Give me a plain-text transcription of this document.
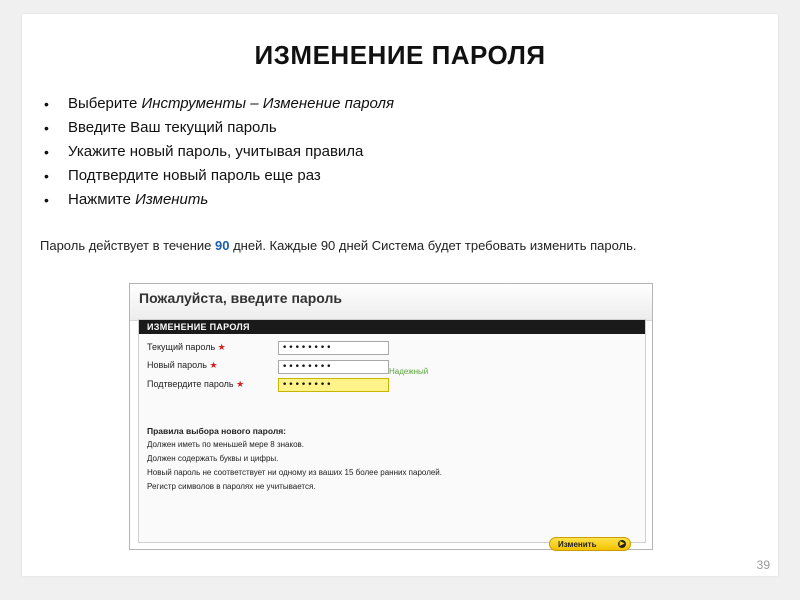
ИЗМЕНЕНИЕ ПАРОЛЯ
• Выберите Инструменты – Изменение пароля
• Введите Ваш текущий пароль
• Укажите новый пароль, учитывая правила
• Подтвердите новый пароль еще раз
• Нажмите Изменить
Пароль действует в течение 90 дней. Каждые 90 дней Система будет требовать изменить пароль.
Пожалуйста, введите пароль
ИЗМЕНЕНИЕ ПАРОЛЯ
Текущий пароль ★
••••••••
Новый пароль ★
••••••••
Надежный
Подтвердите пароль ★
••••••••
Правила выбора нового пароля:
Должен иметь по меньшей мере 8 знаков.
Должен содержать буквы и цифры.
Новый пароль не соответствует ни одному из ваших 15 более ранних паролей.
Регистр символов в паролях не учитывается.
Изменить	▶
39
